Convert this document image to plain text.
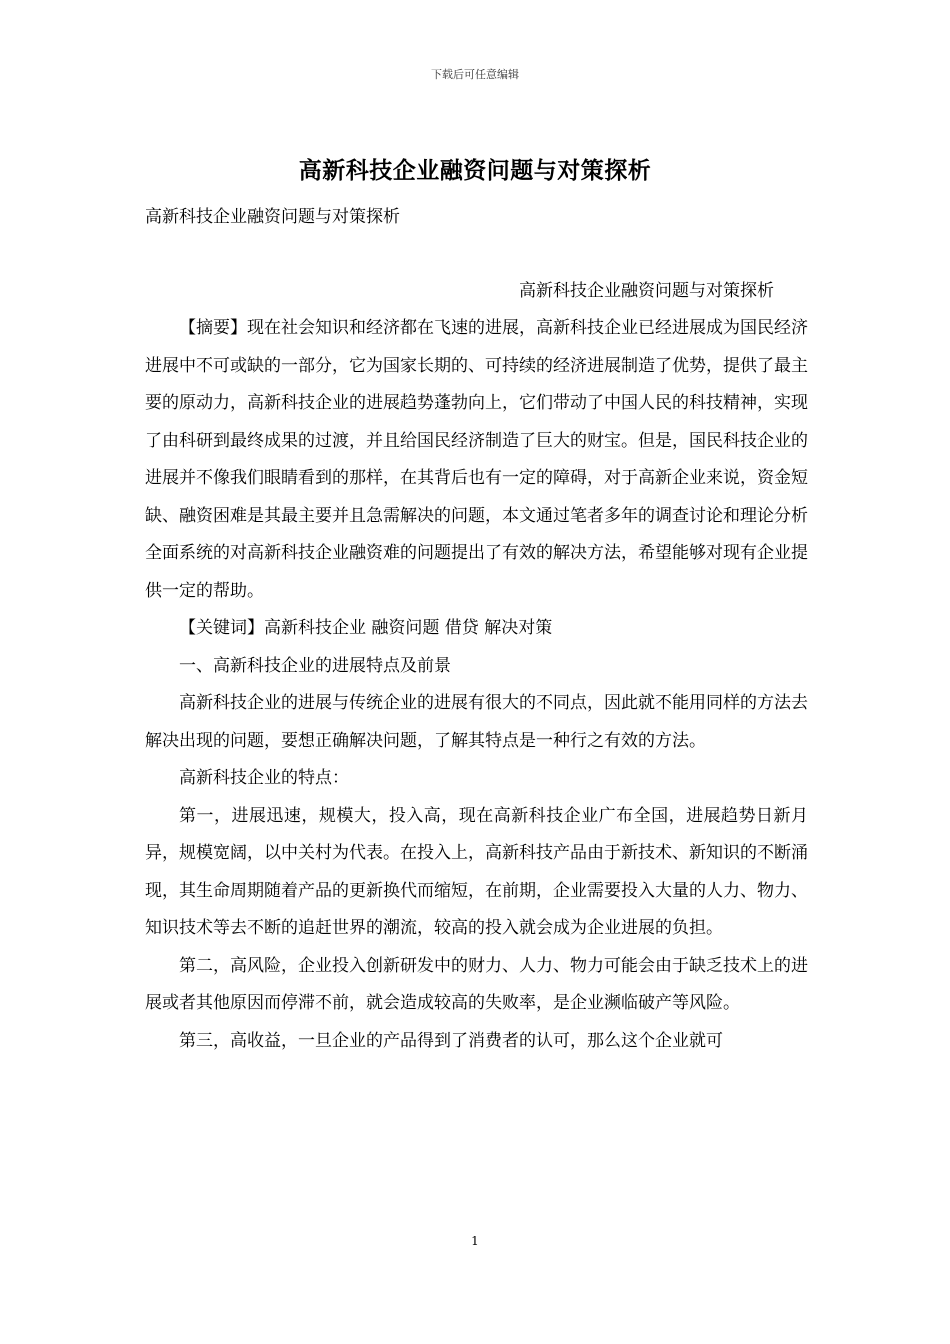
下载后可任意编辑
高新科技企业融资问题与对策探析
高新科技企业融资问题与对策探析
高新科技企业融资问题与对策探析

【摘要】现在社会知识和经济都在飞速的进展，高新科技企业已经进展成为国民经济进展中不可或缺的一部分，它为国家长期的、可持续的经济进展制造了优势，提供了最主要的原动力，高新科技企业的进展趋势蓬勃向上，它们带动了中国人民的科技精神，实现了由科研到最终成果的过渡，并且给国民经济制造了巨大的财宝。但是，国民科技企业的进展并不像我们眼睛看到的那样，在其背后也有一定的障碍，对于高新企业来说，资金短缺、融资困难是其最主要并且急需解决的问题，本文通过笔者多年的调查讨论和理论分析全面系统的对高新科技企业融资难的问题提出了有效的解决方法，希望能够对现有企业提供一定的帮助。

【关键词】高新科技企业 融资问题 借贷 解决对策

一、高新科技企业的进展特点及前景

高新科技企业的进展与传统企业的进展有很大的不同点，因此就不能用同样的方法去解决出现的问题，要想正确解决问题，了解其特点是一种行之有效的方法。

高新科技企业的特点：

第一，进展迅速，规模大，投入高，现在高新科技企业广布全国，进展趋势日新月异，规模宽阔，以中关村为代表。在投入上，高新科技产品由于新技术、新知识的不断涌现，其生命周期随着产品的更新换代而缩短，在前期，企业需要投入大量的人力、物力、知识技术等去不断的追赶世界的潮流，较高的投入就会成为企业进展的负担。

第二，高风险，企业投入创新研发中的财力、人力、物力可能会由于缺乏技术上的进展或者其他原因而停滞不前，就会造成较高的失败率，是企业濒临破产等风险。

第三，高收益，一旦企业的产品得到了消费者的认可，那么这个企业就可

1
